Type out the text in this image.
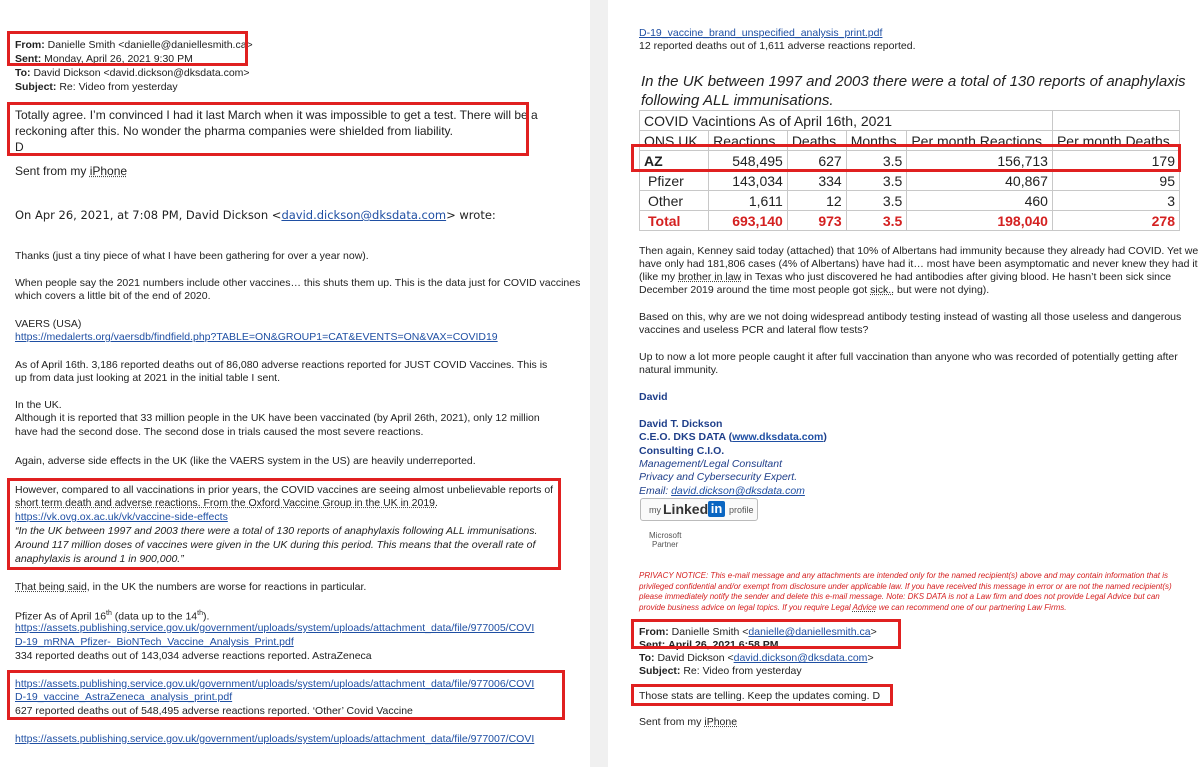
From: Danielle Smith <danielle@daniellesmith.ca>
Sent: Monday, April 26, 2021 9:30 PM
To: David Dickson <david.dickson@dksdata.com>
Subject: Re: Video from yesterday
Totally agree. I’m convinced I had it last March when it was impossible to get a test. There will be a
reckoning after this. No wonder the pharma companies were shielded from liability.
D
Sent from my iPhone
On Apr 26, 2021, at 7:08 PM, David Dickson <david.dickson@dksdata.com> wrote:
Thanks (just a tiny piece of what I have been gathering for over a year now).
When people say the 2021 numbers include other vaccines… this shuts them up. This is the data just for COVID vaccines
which covers a little bit of the end of 2020.
VAERS (USA)
https://medalerts.org/vaersdb/findfield.php?TABLE=ON&GROUP1=CAT&EVENTS=ON&VAX=COVID19
As of April 16th. 3,186 reported deaths out of 86,080 adverse reactions reported for JUST COVID Vaccines. This is
up from data just looking at 2021 in the initial table I sent.
In the UK.
Although it is reported that 33 million people in the UK have been vaccinated (by April 26th, 2021), only 12 million
have had the second dose. The second dose in trials caused the most severe reactions.
Again, adverse side effects in the UK (like the VAERS system in the US) are heavily underreported.
However, compared to all vaccinations in prior years, the COVID vaccines are seeing almost unbelievable reports of
short term death and adverse reactions. From the Oxford Vaccine Group in the UK in 2019.
https://vk.ovg.ox.ac.uk/vk/vaccine-side-effects
“In the UK between 1997 and 2003 there were a total of 130 reports of anaphylaxis following ALL immunisations.
Around 117 million doses of vaccines were given in the UK during this period. This means that the overall rate of
anaphylaxis is around 1 in 900,000.”
That being said, in the UK the numbers are worse for reactions in particular.
Pfizer As of April 16th (data up to the 14th).
https://assets.publishing.service.gov.uk/government/uploads/system/uploads/attachment_data/file/977005/COVI
D-19_mRNA_Pfizer-_BioNTech_Vaccine_Analysis_Print.pdf
334 reported deaths out of 143,034 adverse reactions reported. AstraZeneca
https://assets.publishing.service.gov.uk/government/uploads/system/uploads/attachment_data/file/977006/COVI
D-19_vaccine_AstraZeneca_analysis_print.pdf
627 reported deaths out of 548,495 adverse reactions reported. ‘Other’ Covid Vaccine
https://assets.publishing.service.gov.uk/government/uploads/system/uploads/attachment_data/file/977007/COVI
D-19_vaccine_brand_unspecified_analysis_print.pdf
12 reported deaths out of 1,611 adverse reactions reported.
In the UK between 1997 and 2003 there were a total of 130 reports of anaphylaxis
following ALL immunisations.
COVID Vacintions As of April 16th, 2021					
ONS UK	Reactions	Deaths	Months	Per month Reactions	Per month Deaths
AZ	548,495	627	3.5	156,713	179
Pfizer	143,034	334	3.5	40,867	95
Other	1,611	12	3.5	460	3
Total	693,140	973	3.5	198,040	278
Then again, Kenney said today (attached) that 10% of Albertans had immunity because they already had COVID. Yet we
have only had 181,806 cases (4% of Albertans) have had it… most have been asymptomatic and never knew they had it
(like my brother in law in Texas who just discovered he had antibodies after giving blood. He hasn’t been sick since
December 2019 around the time most people got sick.. but were not dying).
Based on this, why are we not doing widespread antibody testing instead of wasting all those useless and dangerous
vaccines and useless PCR and lateral flow tests?
Up to now a lot more people caught it after full vaccination than anyone who was recorded of potentially getting after
natural immunity.
David
David T. Dickson
C.E.O. DKS DATA (www.dksdata.com)
Consulting C.I.O.
Management/Legal Consultant
Privacy and Cybersecurity Expert.
Email: david.dickson@dksdata.com
my Linked in profile
Microsoft
Partner
PRIVACY NOTICE: This e-mail message and any attachments are intended only for the named recipient(s) above and may contain information that is privileged confidential and/or exempt from disclosure under applicable law. If you have received this message in error or are not the named recipient(s) please immediately notify the sender and delete this e-mail message. Note: DKS DATA is not a Law firm and does not provide Legal Advice but can provide business advice on legal topics. If you require Legal Advice we can recommend one of our partnering Law Firms.
From: Danielle Smith <danielle@daniellesmith.ca>
Sent: April 26, 2021 6:58 PM
To: David Dickson <david.dickson@dksdata.com>
Subject: Re: Video from yesterday
Those stats are telling. Keep the updates coming. D
Sent from my iPhone
